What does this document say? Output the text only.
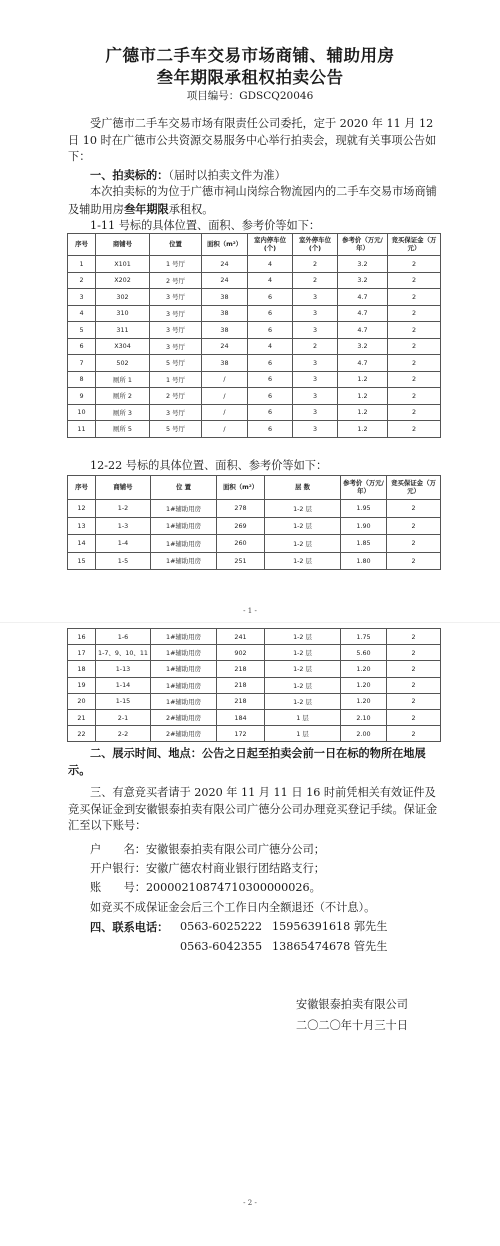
广德市二手车交易市场商铺、辅助用房
叁年期限承租权拍卖公告
项目编号：GDSCQ20046
受广德市二手车交易市场有限责任公司委托，定于 2020 年 11 月 12 日 10 时在广德市公共资源交易服务中心举行拍卖会，现就有关事项公告如下：
一、拍卖标的：（届时以拍卖文件为准）
本次拍卖标的为位于广德市祠山岗综合物流园内的二手车交易市场商铺及辅助用房叁年期限承租权。
1-11 号标的具体位置、面积、参考价等如下：
序号	商铺号	位置	面积（m²）	室内停车位(个)	室外停车位(个)	参考价（万元/年）	竞买保证金（万元）
1	X101	1 号厅	24	4	2	3.2	2
2	X202	2 号厅	24	4	2	3.2	2
3	302	3 号厅	38	6	3	4.7	2
4	310	3 号厅	38	6	3	4.7	2
5	311	3 号厅	38	6	3	4.7	2
6	X304	3 号厅	24	4	2	3.2	2
7	502	5 号厅	38	6	3	4.7	2
8	厕所 1	1 号厅	/	6	3	1.2	2
9	厕所 2	2 号厅	/	6	3	1.2	2
10	厕所 3	3 号厅	/	6	3	1.2	2
11	厕所 5	5 号厅	/	6	3	1.2	2
12-22 号标的具体位置、面积、参考价等如下：
序号	商铺号	位 置	面积（m²）	层 数	参考价（万元/年）	竞买保证金（万元）
12	1-2	1#辅助用房	278	1-2 层	1.95	2
13	1-3	1#辅助用房	269	1-2 层	1.90	2
14	1-4	1#辅助用房	260	1-2 层	1.85	2
15	1-5	1#辅助用房	251	1-2 层	1.80	2
- 1 -
16	1-6	1#辅助用房	241	1-2 层	1.75	2
17	1-7、9、10、11	1#辅助用房	902	1-2 层	5.60	2
18	1-13	1#辅助用房	218	1-2 层	1.20	2
19	1-14	1#辅助用房	218	1-2 层	1.20	2
20	1-15	1#辅助用房	218	1-2 层	1.20	2
21	2-1	2#辅助用房	184	1 层	2.10	2
22	2-2	2#辅助用房	172	1 层	2.00	2
二、展示时间、地点：公告之日起至拍卖会前一日在标的物所在地展示。
三、有意竞买者请于 2020 年 11 月 11 日 16 时前凭相关有效证件及竞买保证金到安徽银泰拍卖有限公司广德分公司办理竞买登记手续。保证金汇至以下账号：
户　　名：安徽银泰拍卖有限公司广德分公司；
开户银行：安徽广德农村商业银行团结路支行；
账　　号：20000210874710300000026。
如竞买不成保证金会后三个工作日内全额退还（不计息）。
四、联系电话： 0563-6025222 15956391618 郭先生
0563-6042355 13865474678 管先生
安徽银泰拍卖有限公司
二〇二〇年十月三十日
- 2 -
